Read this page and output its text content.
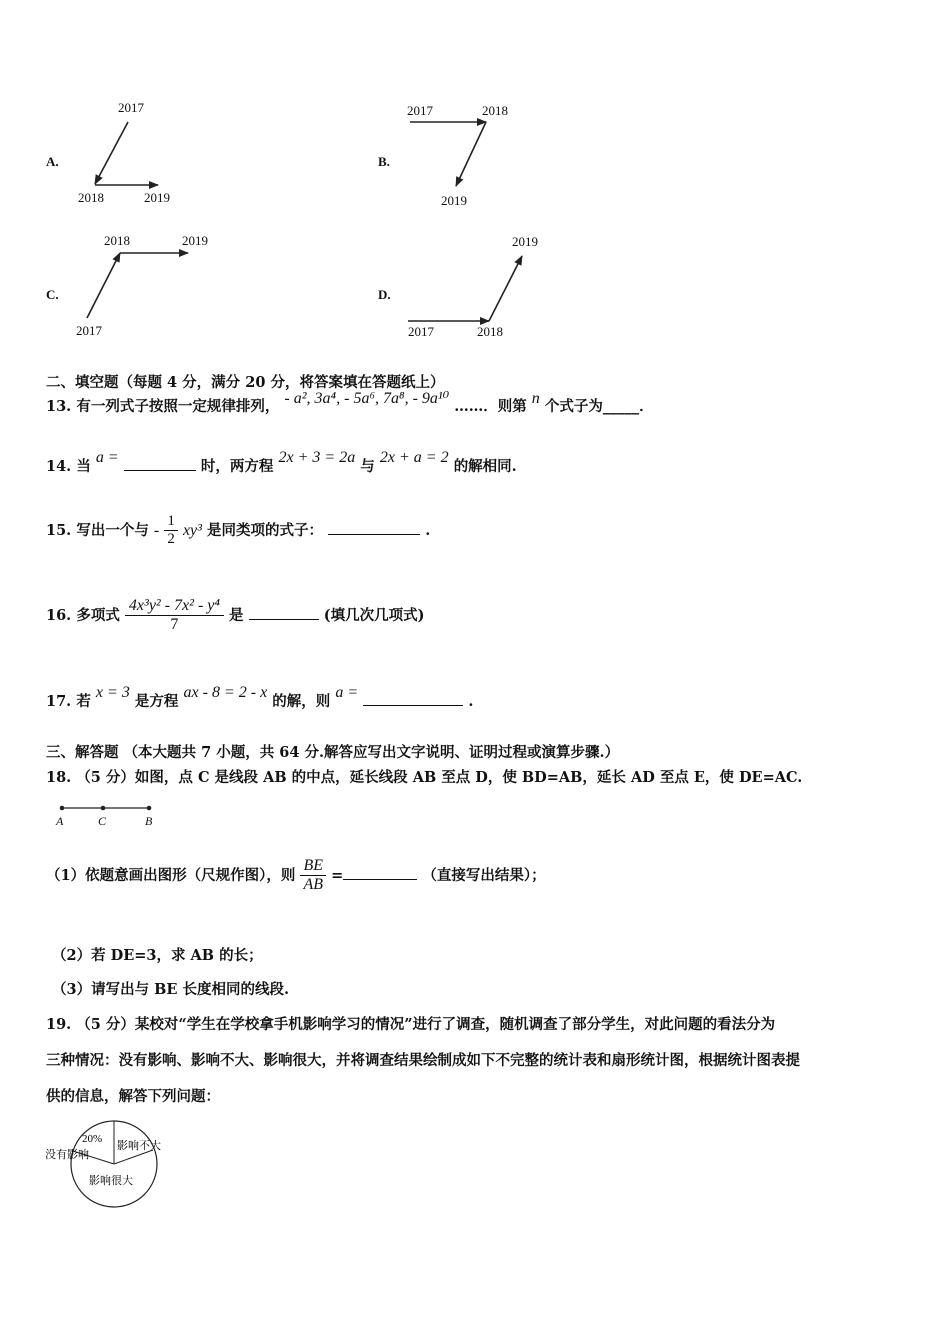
A.
2017
2018	2019
B.
2017	2018
2019
C.
2018	2019
2017
D.
2019
2017	2018
二、填空题（每题 4 分，满分 20 分，将答案填在答题纸上）
13. 有一列式子按照一定规律排列， - a², 3a⁴, - 5a⁶, 7a⁸, - 9a¹⁰ ……．则第 n 个式子为_____．
14. 当 a =  时，两方程 2x + 3 = 2a 与 2x + a = 2 的解相同.
15. 写出一个与 - $\frac{1}{2} xy^3$ 是同类项的式子：	.
16. 多项式 $\frac{\text{4x³y² - 7x² - y⁴}}{7}$ 是	(填几次几项式)
17. 若 x = 3 是方程 ax - 8 = 2 - x 的解，则 a =  .
三、解答题 （本大题共 7 小题，共 64 分.解答应写出文字说明、证明过程或演算步骤.）
18. （5 分）如图，点 C 是线段 AB 的中点，延长线段 AB 至点 D，使 BD=AB，延长 AD 至点 E，使 DE=AC.
A	C	B
（1）依题意画出图形（尺规作图），则 $\frac{BE}{AB}$ =	（直接写出结果）；
（2）若 DE=3，求 AB 的长；
（3）请写出与 BE 长度相同的线段.
19. （5 分）某校对“学生在学校拿手机影响学习的情况”进行了调查，随机调查了部分学生，对此问题的看法分为
三种情况：没有影响、影响不大、影响很大，并将调查结果绘制成如下不完整的统计表和扇形统计图，根据统计图表提
供的信息，解答下列问题：
没有影响
影响不大
影响很大
20%
